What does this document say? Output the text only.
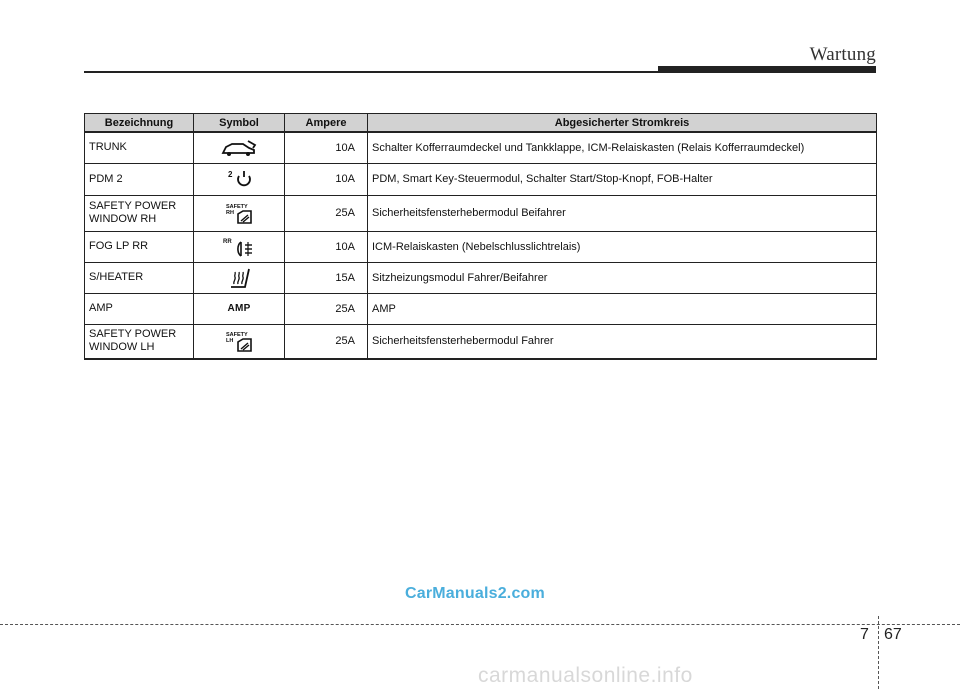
Wartung
Bezeichnung	Symbol	Ampere	Abgesicherter Stromkreis
TRUNK		10A	Schalter Kofferraumdeckel und Tankklappe, ICM-Relaiskasten (Relais Kofferraumdeckel)
PDM 2	2	10A	PDM, Smart Key-Steuermodul, Schalter Start/Stop-Knopf, FOB-Halter
SAFETY POWER
WINDOW RH	SAFETY RH	25A	Sicherheitsfensterhebermodul Beifahrer
FOG LP RR	RR	10A	ICM-Relaiskasten (Nebelschlusslichtrelais)
S/HEATER		15A	Sitzheizungsmodul Fahrer/Beifahrer
AMP	AMP	25A	AMP
SAFETY POWER
WINDOW LH	SAFETY LH	25A	Sicherheitsfensterhebermodul Fahrer
CarManuals2.com
7 67
carmanualsonline.info
